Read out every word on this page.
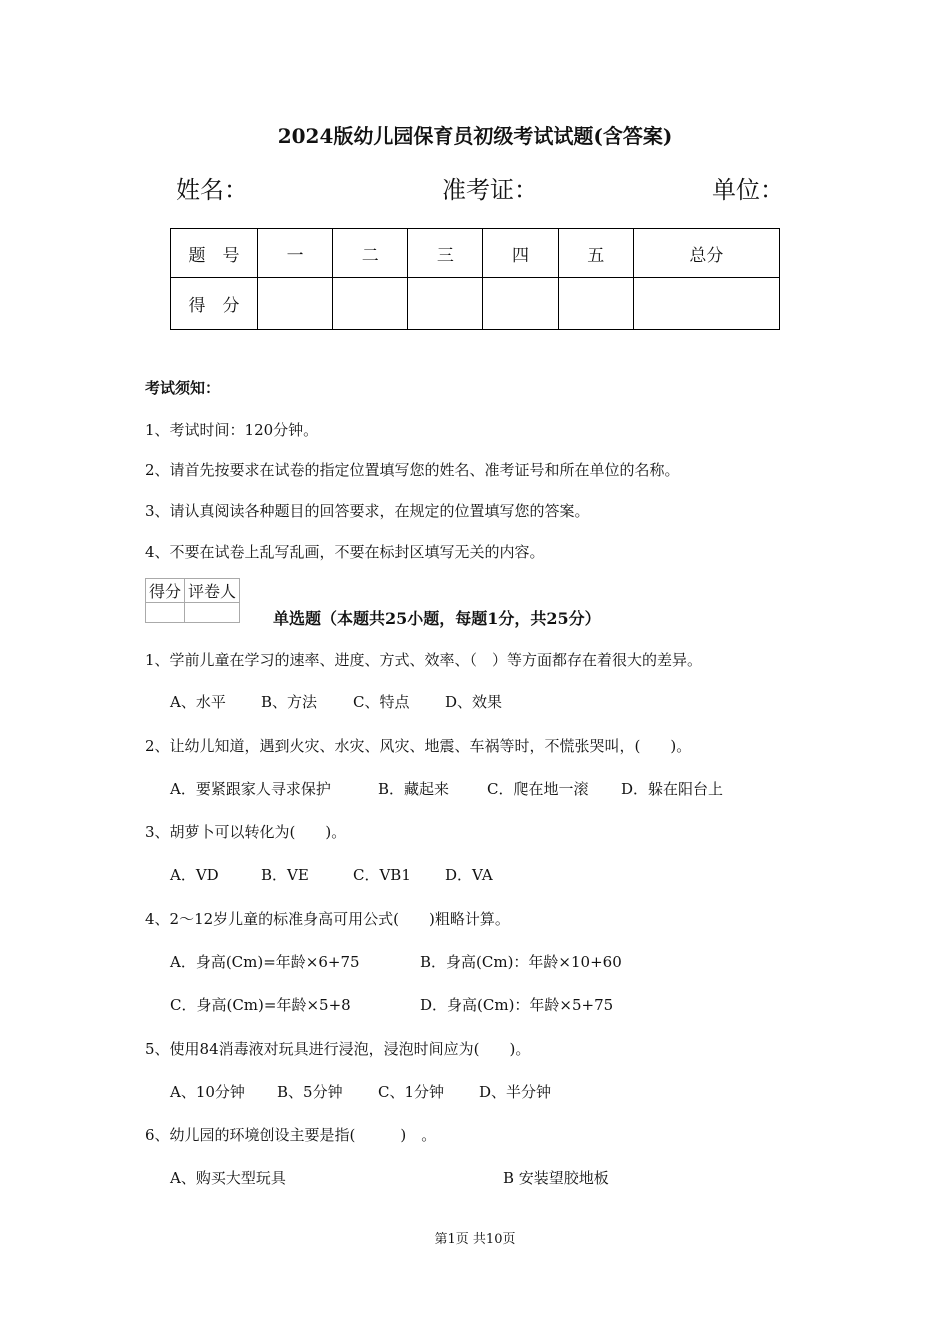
2024版幼儿园保育员初级考试试题(含答案)
姓名：	准考证：	单位：
题　号	一	二	三	四	五	总分
得　分						
考试须知：
1、考试时间：120分钟。
2、请首先按要求在试卷的指定位置填写您的姓名、准考证号和所在单位的名称。
3、请认真阅读各种题目的回答要求，在规定的位置填写您的答案。
4、不要在试卷上乱写乱画，不要在标封区填写无关的内容。
得分	评卷人

单选题（本题共25小题，每题1分，共25分）
1、学前儿童在学习的速率、进度、方式、效率、（　）等方面都存在着很大的差异。
A、水平 B、方法 C、特点 D、效果
2、让幼儿知道，遇到火灾、水灾、风灾、地震、车祸等时，不慌张哭叫，(　　)。
A．要紧跟家人寻求保护	B．藏起来	C．爬在地一滚 D．躲在阳台上
3、胡萝卜可以转化为(　　)。
A．VD	B．VE	C．VB1 D．VA
4、2～12岁儿童的标准身高可用公式(　　)粗略计算。
A．身高(Cm)=年龄×6+75	B．身高(Cm)：年龄×10+60
C．身高(Cm)=年龄×5+8	D．身高(Cm)：年龄×5+75
5、使用84消毒液对玩具进行浸泡，浸泡时间应为(　　)。
A、10分钟 B、5分钟 C、1分钟 D、半分钟
6、幼儿园的环境创设主要是指(　　　)　。
A、购买大型玩具	B 安装望胶地板
第1页 共10页
